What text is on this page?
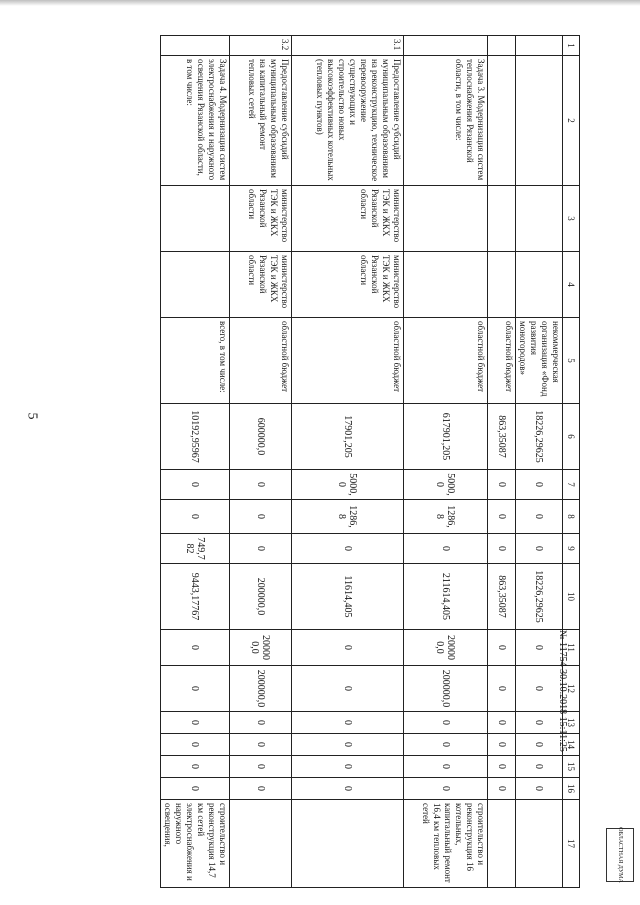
5
1	2	3	4	5	6	7	8	9	10	11	12	13	14	15	16	17
				некоммерческая организация «Фонд развития моногородов»	18226,29625	0	0	0	18226,29625	0	0	0	0	0	0	
				областной бюджет	863,35087	0	0	0	863,35087	0	0	0	0	0	0	
	Задача 3. Модернизация систем теплоснабжения Рязанской области, в том числе:			областной бюджет	617901,205	5000,0	1286,8	0	211614,405	200000,0	200000,0	0	0	0	0	строительство и реконструкция 16 котельных, капитальный ремонт 16,4 км тепловых сетей
3.1	Предоставление субсидий муниципальным образованиям на реконструкцию, техническое перевооружение существующих и строительство новых высокоэффективных котельных (тепловых пунктов)	министерство ТЭК и ЖКХ Рязанской области	министерство ТЭК и ЖКХ Рязанской области	областной бюджет	17901,205	5000,0	1286,8	0	11614,405	0	0	0	0	0	0	
3.2	Предоставление субсидий муниципальным образованиям на капитальный ремонт тепловых сетей	министерство ТЭК и ЖКХ Рязанской области	министерство ТЭК и ЖКХ Рязанской области	областной бюджет	600000,0	0	0	0	200000,0	200000,0	200000,0	0	0	0	0	
	Задача 4. Модернизация систем электроснабжения и наружного освещения Рязанской области, в том числе:			всего, в том числе:	10192,95967	0	0	749,782	9443,17767	0	0	0	0	0	0	строительство и реконструкция 14,7 км сетей электроснабжения и наружного освещения,
№ 11754 30.10.2018 15:11:25
ОБЛАСТНАЯ ДУМА
